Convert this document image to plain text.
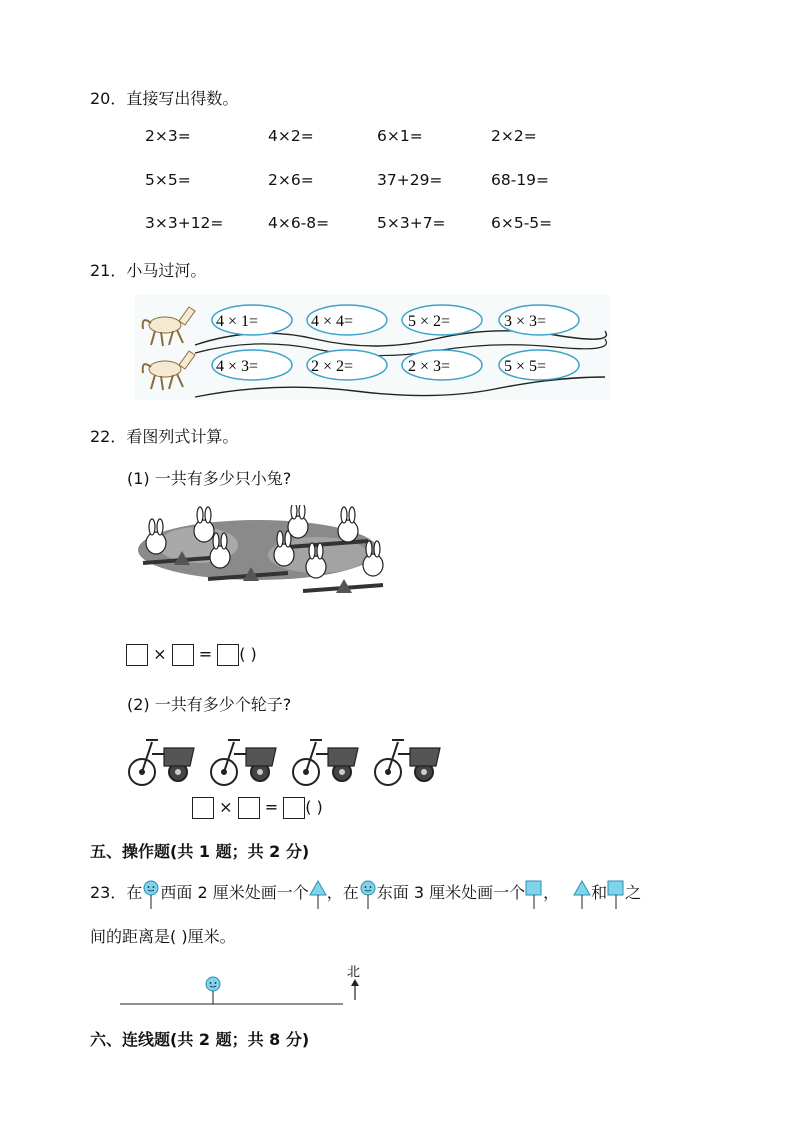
20．直接写出得数。
2×3=	4×2=	6×1=	2×2=
5×5=	2×6=	37+29=	68-19=
3×3+12=	4×6-8=	5×3+7=	6×5-5=
21．小马过河。
4 × 1=	4 × 4=	5 × 2=	3 × 3=
4 × 3=	2 × 2=	2 × 3=	5 × 5=
22．看图列式计算。
(1) 一共有多少只小兔?
× = ( )
(2) 一共有多少个轮子?
× = ( )
五、操作题(共 1 题；共 2 分)
23．在 西面 2 厘米处画一个 ，在 东面 3 厘米处画一个 ， 和 之
间的距离是( )厘米。
北
六、连线题(共 2 题；共 8 分)
